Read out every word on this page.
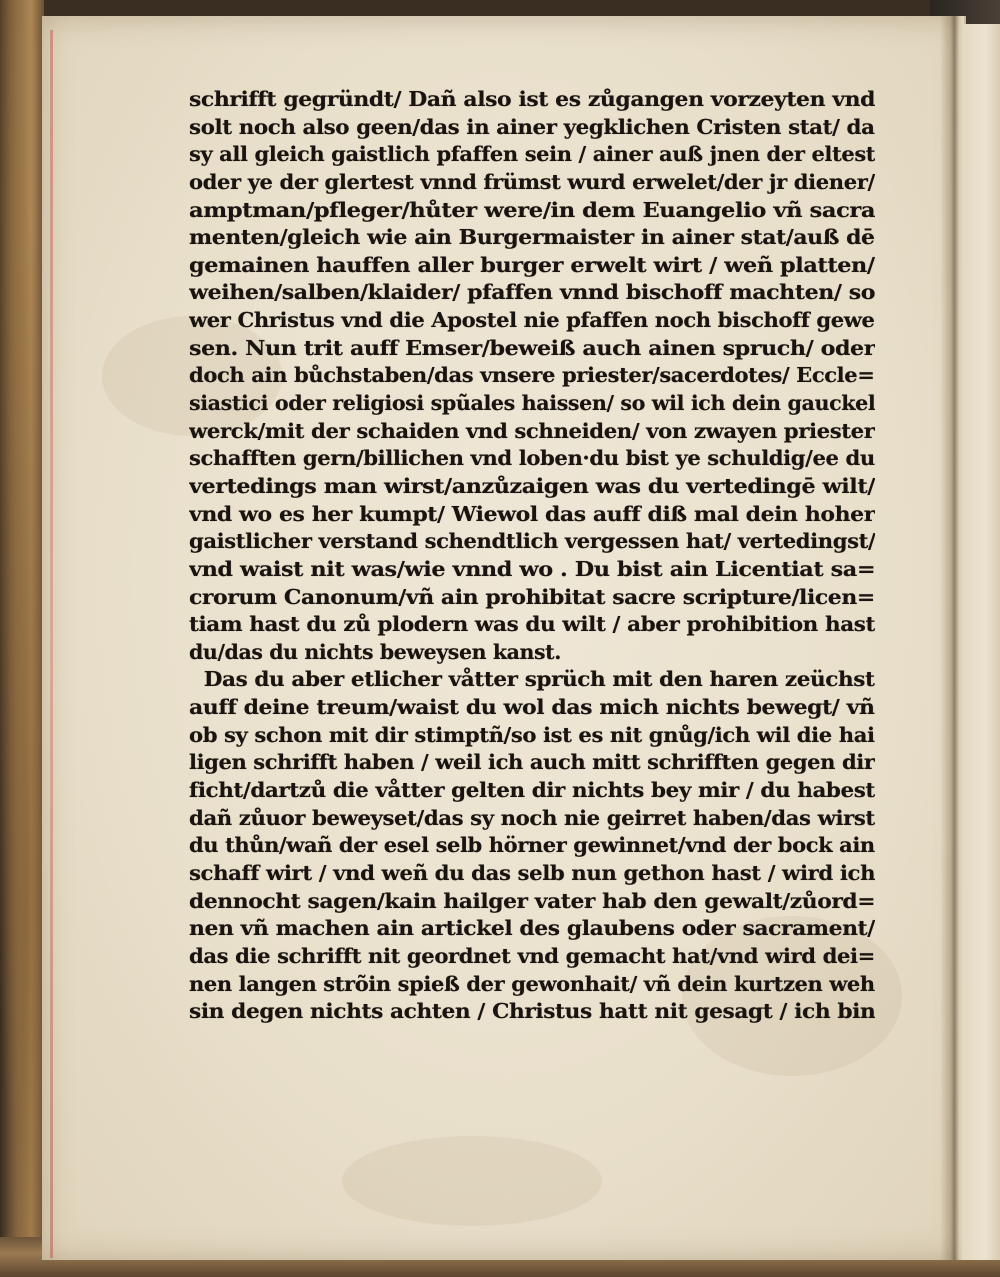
schrifft gegründt/ Dañ also ist es zůgangen vorzeyten vnd
solt noch also geen/das in ainer yegklichen Cristen stat/ da
sy all gleich gaistlich pfaffen sein / ainer auß jnen der eltest
oder ye der glertest vnnd frümst wurd erwelet/der jr diener/
amptman/pfleger/hůter were/in dem Euangelio vñ sacra
menten/gleich wie ain Burgermaister in ainer stat/auß dē
gemainen hauffen aller burger erwelt wirt / weñ platten/
weihen/salben/klaider/ pfaffen vnnd bischoff machten/ so
wer Christus vnd die Apostel nie pfaffen noch bischoff gewe
sen. Nun trit auff Emser/beweiß auch ainen spruch/ oder
doch ain bůchstaben/das vnsere priester/sacerdotes/ Eccle=
siastici oder religiosi spũales haissen/ so wil ich dein gauckel
werck/mit der schaiden vnd schneiden/ von zwayen priester
schafften gern/billichen vnd loben·du bist ye schuldig/ee du
vertedings man wirst/anzůzaigen was du vertedingē wilt/
vnd wo es her kumpt/ Wiewol das auff diß mal dein hoher
gaistlicher verstand schendtlich vergessen hat/ vertedingst/
vnd waist nit was/wie vnnd wo . Du bist ain Licentiat sa=
crorum Canonum/vñ ain prohibitat sacre scripture/licen=
tiam hast du zů plodern was du wilt / aber prohibition hast
du/das du nichts beweysen kanst.
Das du aber etlicher våtter sprüch mit den haren zeüchst
auff deine treum/waist du wol das mich nichts bewegt/ vñ
ob sy schon mit dir stimptñ/so ist es nit gnůg/ich wil die hai
ligen schrifft haben / weil ich auch mitt schrifften gegen dir
ficht/dartzů die våtter gelten dir nichts bey mir / du habest
dañ zůuor beweyset/das sy noch nie geirret haben/das wirst
du thůn/wañ der esel selb hörner gewinnet/vnd der bock ain
schaff wirt / vnd weñ du das selb nun gethon hast / wird ich
dennocht sagen/kain hailger vater hab den gewalt/zůord=
nen vñ machen ain artickel des glaubens oder sacrament/
das die schrifft nit geordnet vnd gemacht hat/vnd wird dei=
nen langen strõin spieß der gewonhait/ vñ dein kurtzen weh
sin degen nichts achten / Christus hatt nit gesagt / ich bin
